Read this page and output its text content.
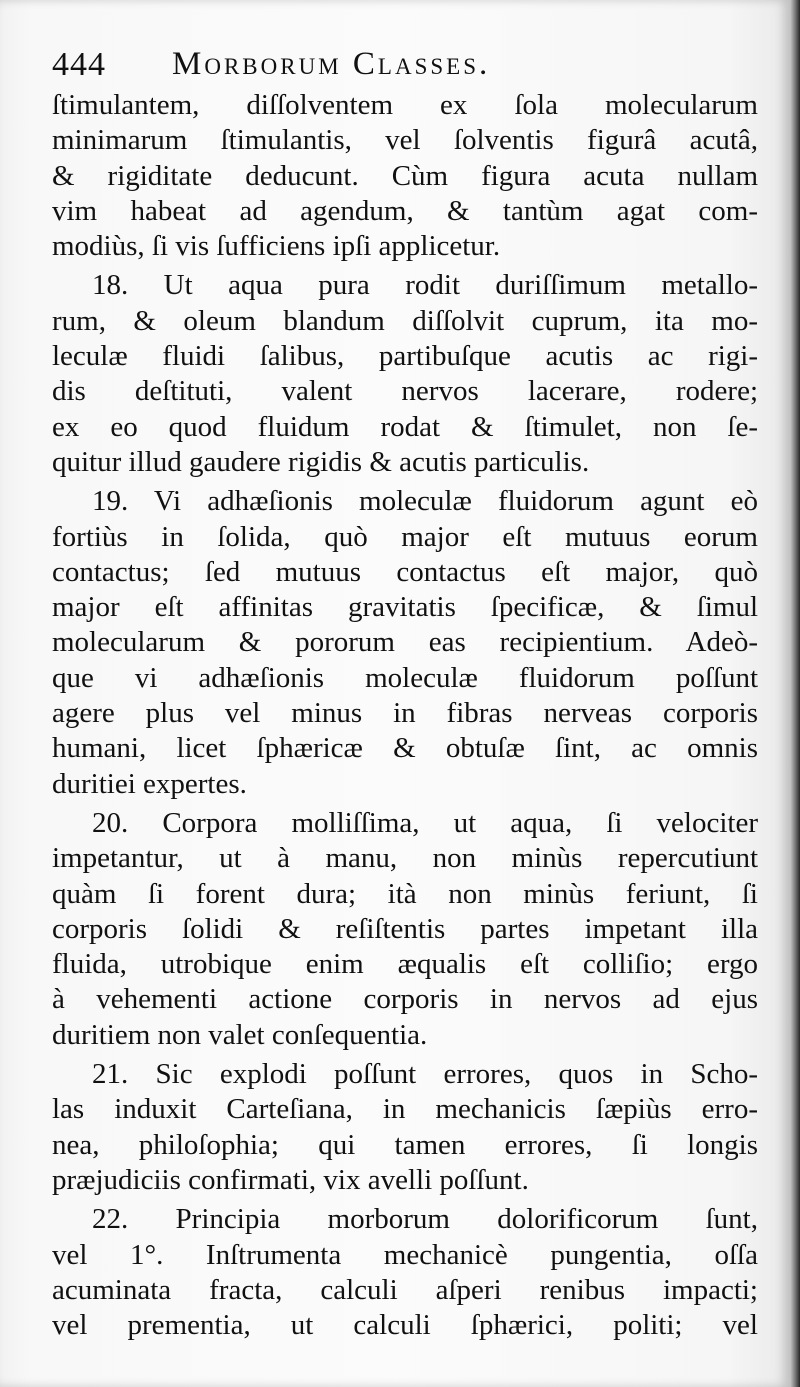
444 Morborum Classes.
ſtimulantem, diſſolventem ex ſola molecularum
minimarum ſtimulantis, vel ſolventis figurâ acutâ,
& rigiditate deducunt. Cùm figura acuta nullam
vim habeat ad agendum, & tantùm agat com-
modiùs, ſi vis ſufficiens ipſi applicetur.
18. Ut aqua pura rodit duriſſimum metallo-
rum, & oleum blandum diſſolvit cuprum, ita mo-
leculæ fluidi ſalibus, partibuſque acutis ac rigi-
dis deſtituti, valent nervos lacerare, rodere;
ex eo quod fluidum rodat & ſtimulet, non ſe-
quitur illud gaudere rigidis & acutis particulis.
19. Vi adhæſionis moleculæ fluidorum agunt eò
fortiùs in ſolida, quò major eſt mutuus eorum
contactus; ſed mutuus contactus eſt major, quò
major eſt affinitas gravitatis ſpecificæ, & ſimul
molecularum & pororum eas recipientium. Adeò-
que vi adhæſionis moleculæ fluidorum poſſunt
agere plus vel minus in fibras nerveas corporis
humani, licet ſphæricæ & obtuſæ ſint, ac omnis
duritiei expertes.
20. Corpora molliſſima, ut aqua, ſi velociter
impetantur, ut à manu, non minùs repercutiunt
quàm ſi forent dura; ità non minùs feriunt, ſi
corporis ſolidi & reſiſtentis partes impetant illa
fluida, utrobique enim æqualis eſt colliſio; ergo
à vehementi actione corporis in nervos ad ejus
duritiem non valet conſequentia.
21. Sic explodi poſſunt errores, quos in Scho-
las induxit Carteſiana, in mechanicis ſæpiùs erro-
nea, philoſophia; qui tamen errores, ſi longis
præjudiciis confirmati, vix avelli poſſunt.
22. Principia morborum dolorificorum ſunt,
vel 1°. Inſtrumenta mechanicè pungentia, oſſa
acuminata fracta, calculi aſperi renibus impacti;
vel prementia, ut calculi ſphærici, politi; vel
